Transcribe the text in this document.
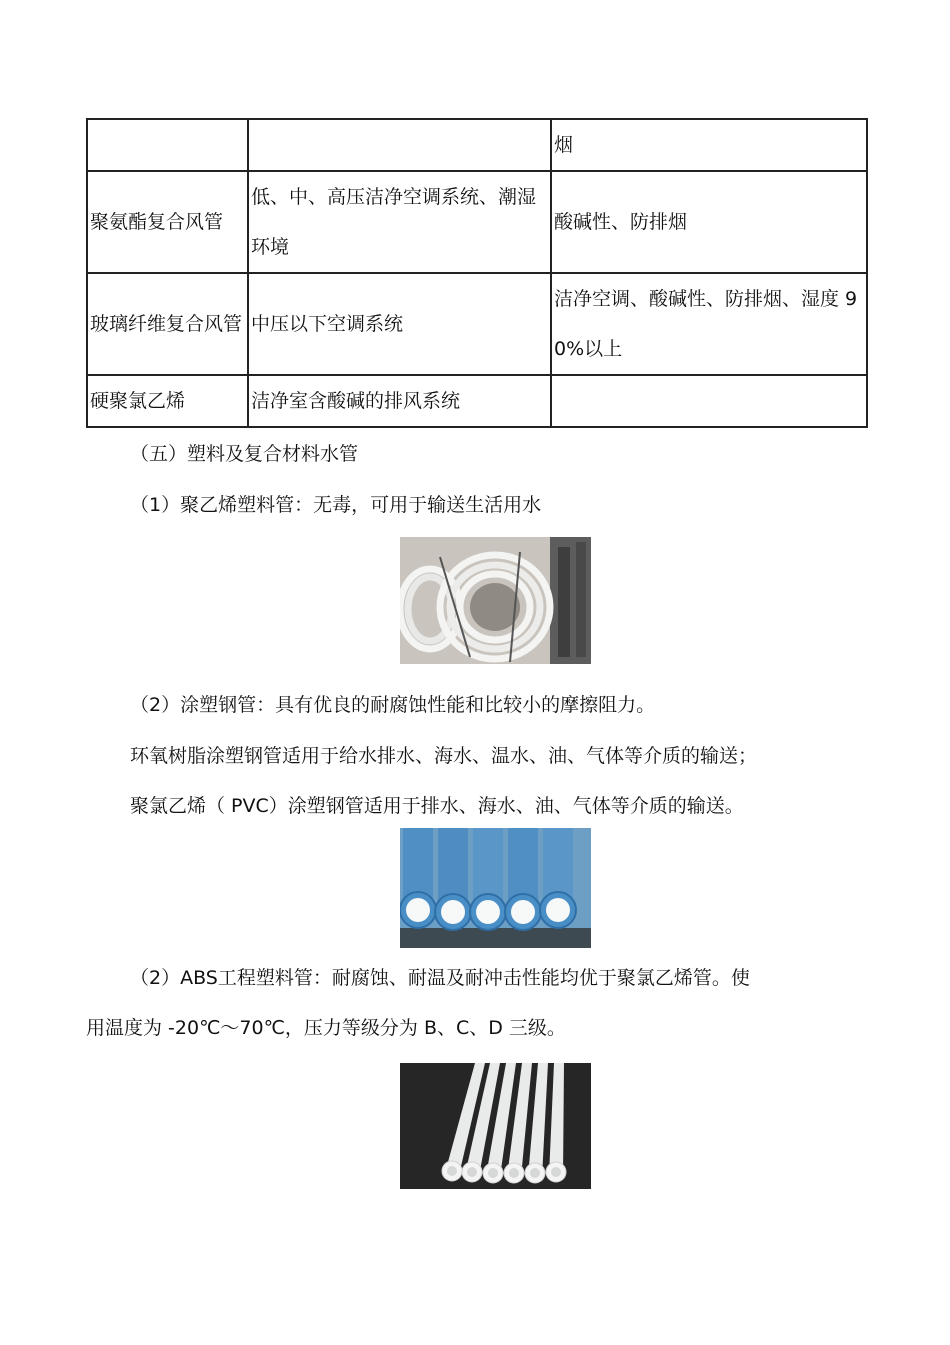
		烟
聚氨酯复合风管	低、中、高压洁净空调系统、潮湿环境	酸碱性、防排烟
玻璃纤维复合风管	中压以下空调系统	洁净空调、酸碱性、防排烟、湿度 90%以上
硬聚氯乙烯	洁净室含酸碱的排风系统	
（五）塑料及复合材料水管
（1）聚乙烯塑料管：无毒，可用于输送生活用水
（2）涂塑钢管：具有优良的耐腐蚀性能和比较小的摩擦阻力。
环氧树脂涂塑钢管适用于给水排水、海水、温水、油、气体等介质的输送；
聚氯乙烯（ PVC）涂塑钢管适用于排水、海水、油、气体等介质的输送。
（2）ABS工程塑料管：耐腐蚀、耐温及耐冲击性能均优于聚氯乙烯管。使
用温度为 -20℃～70℃，压力等级分为 B、C、D 三级。
